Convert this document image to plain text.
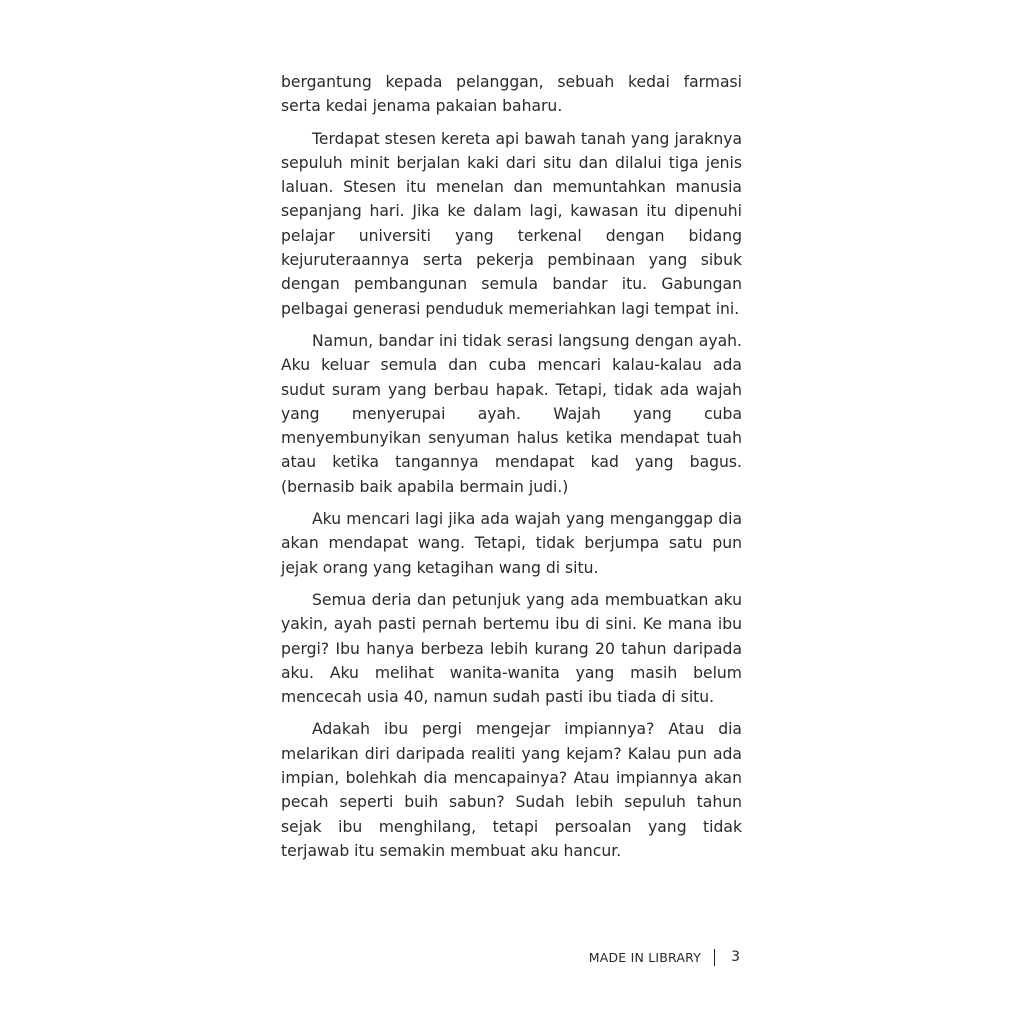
bergantung kepada pelanggan, sebuah kedai farmasi serta kedai jenama pakaian baharu.

Terdapat stesen kereta api bawah tanah yang jaraknya sepuluh minit berjalan kaki dari situ dan dilalui tiga jenis laluan. Stesen itu menelan dan memuntahkan manusia sepanjang hari. Jika ke dalam lagi, kawasan itu dipenuhi pelajar universiti yang terkenal dengan bidang kejuruteraannya serta pekerja pembinaan yang sibuk dengan pembangunan semula bandar itu. Gabungan pelbagai generasi penduduk memeriahkan lagi tempat ini.

Namun, bandar ini tidak serasi langsung dengan ayah. Aku keluar semula dan cuba mencari kalau-kalau ada sudut suram yang berbau hapak. Tetapi, tidak ada wajah yang menyerupai ayah. Wajah yang cuba menyembunyikan senyuman halus ketika mendapat tuah atau ketika tangannya mendapat kad yang bagus. (bernasib baik apabila bermain judi.)

Aku mencari lagi jika ada wajah yang menganggap dia akan mendapat wang. Tetapi, tidak berjumpa satu pun jejak orang yang ketagihan wang di situ.

Semua deria dan petunjuk yang ada membuatkan aku yakin, ayah pasti pernah bertemu ibu di sini. Ke mana ibu pergi? Ibu hanya berbeza lebih kurang 20 tahun daripada aku. Aku melihat wanita-wanita yang masih belum mencecah usia 40, namun sudah pasti ibu tiada di situ.

Adakah ibu pergi mengejar impiannya? Atau dia melarikan diri daripada realiti yang kejam? Kalau pun ada impian, bolehkah dia mencapainya? Atau impiannya akan pecah seperti buih sabun? Sudah lebih sepuluh tahun sejak ibu menghilang, tetapi persoalan yang tidak terjawab itu semakin membuat aku hancur.

MADE IN LIBRARY 3
